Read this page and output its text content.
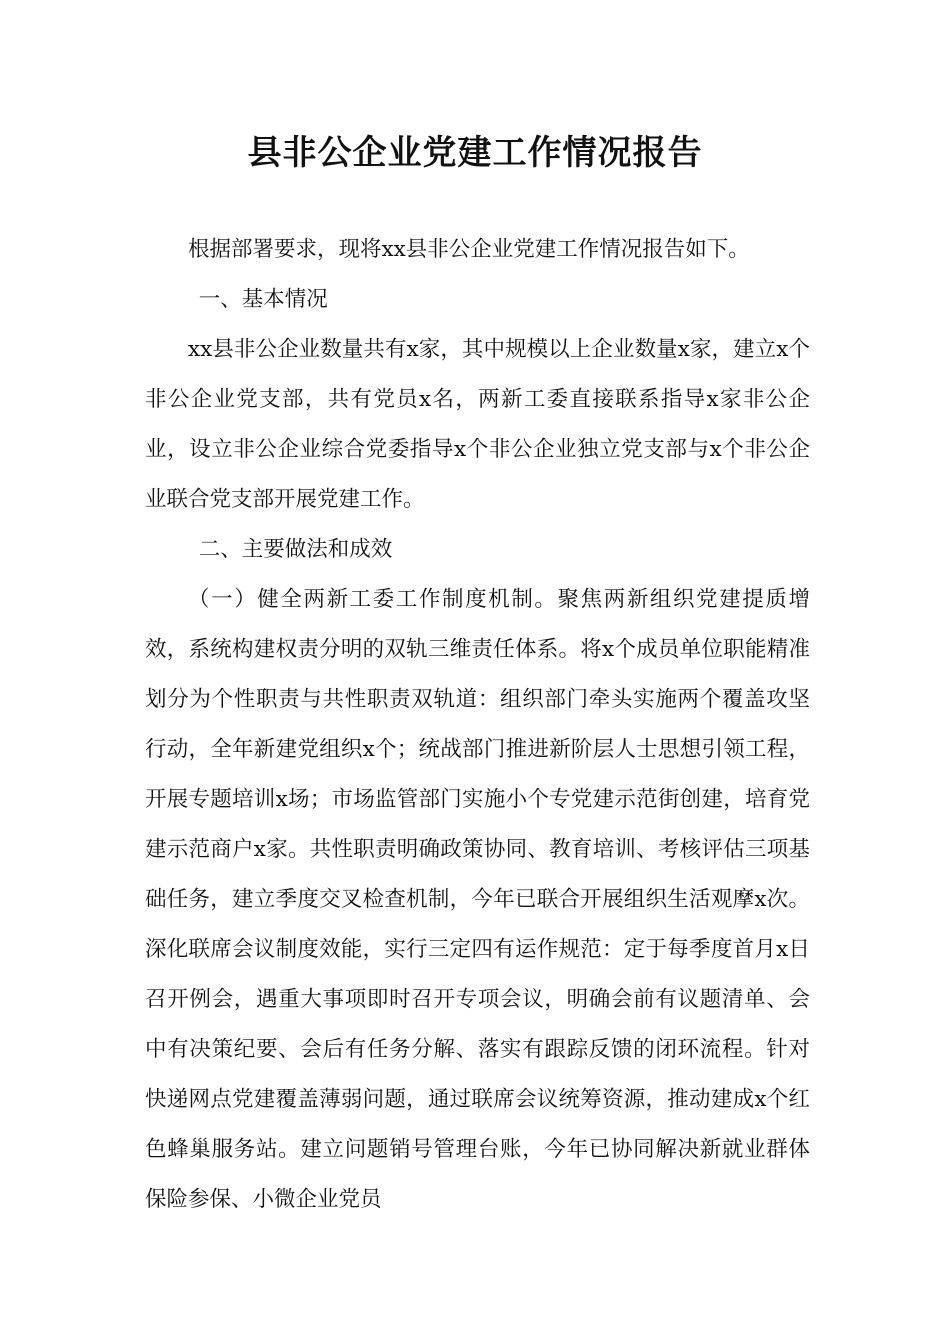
县非公企业党建工作情况报告

根据部署要求，现将xx县非公企业党建工作情况报告如下。

一、基本情况

xx县非公企业数量共有x家，其中规模以上企业数量x家，建立x个非公企业党支部，共有党员x名，两新工委直接联系指导x家非公企业，设立非公企业综合党委指导x个非公企业独立党支部与x个非公企业联合党支部开展党建工作。

二、主要做法和成效

（一）健全两新工委工作制度机制。聚焦两新组织党建提质增效，系统构建权责分明的双轨三维责任体系。将x个成员单位职能精准划分为个性职责与共性职责双轨道：组织部门牵头实施两个覆盖攻坚行动，全年新建党组织x个；统战部门推进新阶层人士思想引领工程，开展专题培训x场；市场监管部门实施小个专党建示范街创建，培育党建示范商户x家。共性职责明确政策协同、教育培训、考核评估三项基础任务，建立季度交叉检查机制，今年已联合开展组织生活观摩x次。深化联席会议制度效能，实行三定四有运作规范：定于每季度首月x日召开例会，遇重大事项即时召开专项会议，明确会前有议题清单、会中有决策纪要、会后有任务分解、落实有跟踪反馈的闭环流程。针对快递网点党建覆盖薄弱问题，通过联席会议统筹资源，推动建成x个红色蜂巢服务站。建立问题销号管理台账，今年已协同解决新就业群体保险参保、小微企业党员
